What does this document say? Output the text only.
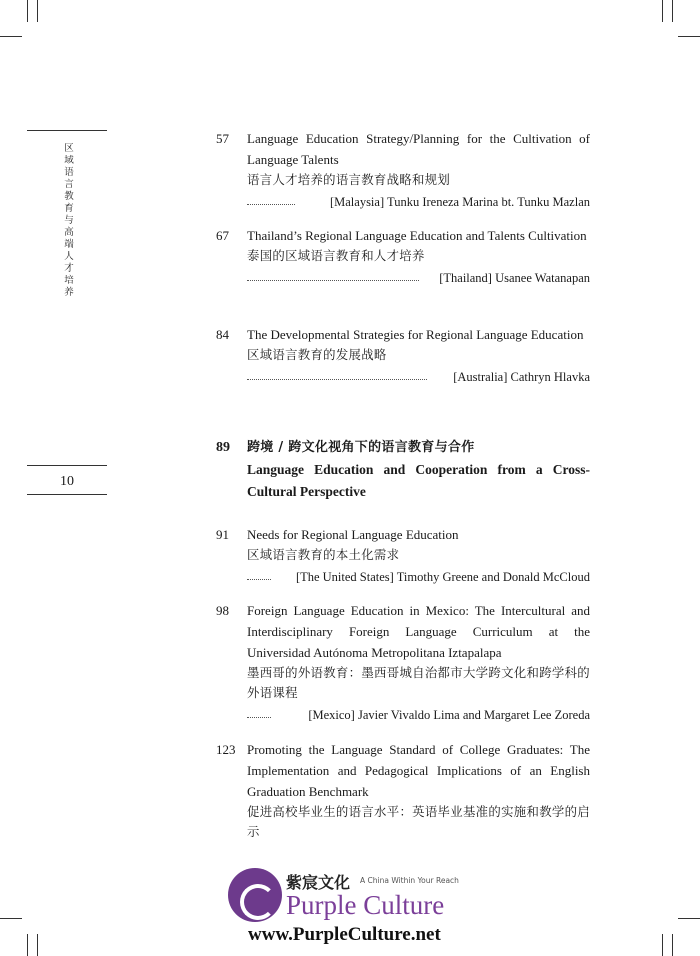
区域语言教育与高端人才培养
10
57 Language Education Strategy/Planning for the Cultivation of Language Talents
语言人才培养的语言教育战略和规划
[Malaysia] Tunku Ireneza Marina bt. Tunku Mazlan
67 Thailand’s Regional Language Education and Talents Cultivation
泰国的区域语言教育和人才培养
[Thailand] Usanee Watanapan
84 The Developmental Strategies for Regional Language Education
区域语言教育的发展战略
[Australia] Cathryn Hlavka
89 跨境 / 跨文化视角下的语言教育与合作
Language Education and Cooperation from a Cross-Cultural Perspective
91 Needs for Regional Language Education
区域语言教育的本土化需求
[The United States] Timothy Greene and Donald McCloud
98 Foreign Language Education in Mexico: The Intercultural and Interdisciplinary Foreign Language Curriculum at the Universidad Autónoma Metropolitana Iztapalapa
墨西哥的外语教育：墨西哥城自治都市大学跨文化和跨学科的外语课程
[Mexico] Javier Vivaldo Lima and Margaret Lee Zoreda
123 Promoting the Language Standard of College Graduates: The Implementation and Pedagogical Implications of an English Graduation Benchmark
促进高校毕业生的语言水平：英语毕业基准的实施和教学的启示
紫宸文化 A China Within Your Reach
Purple Culture
www.PurpleCulture.net
